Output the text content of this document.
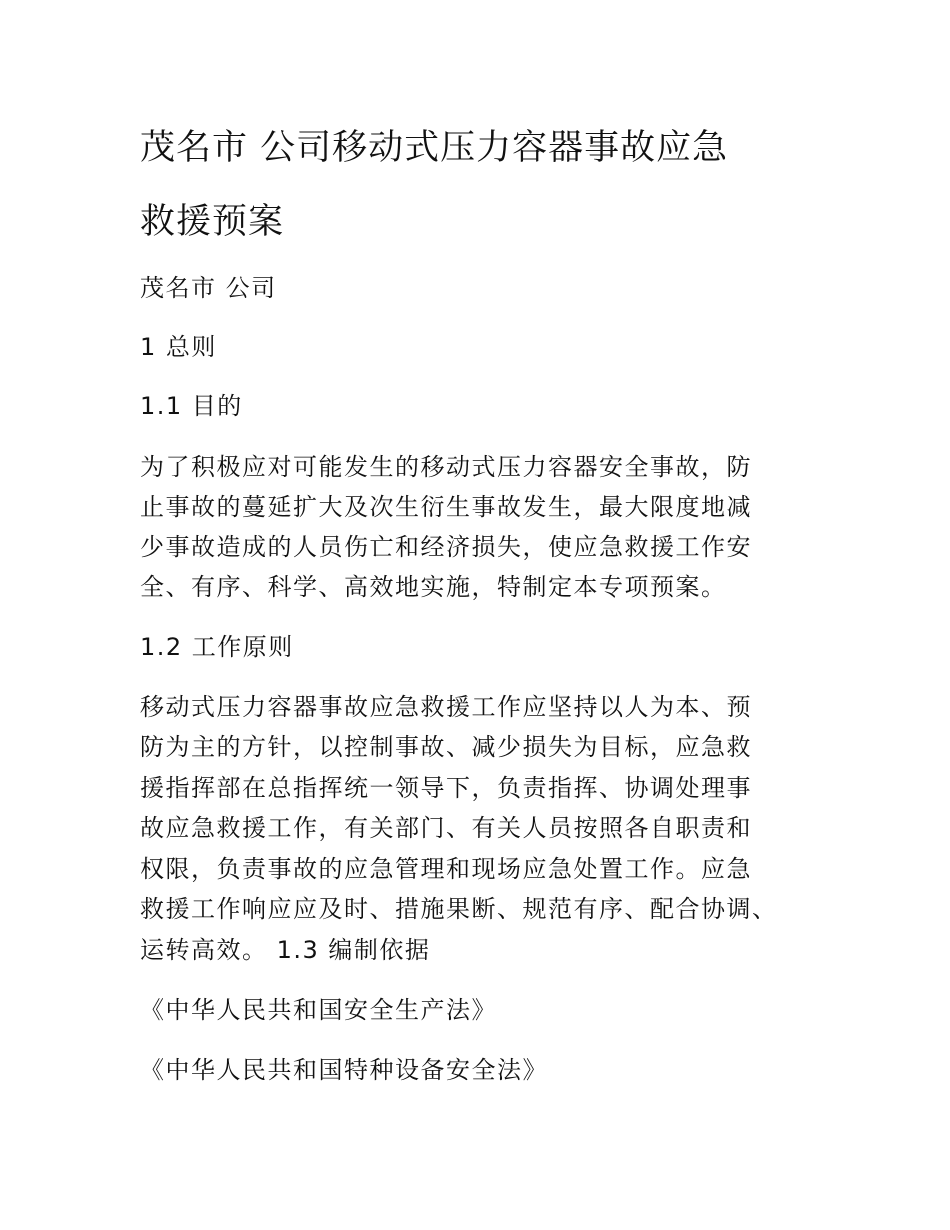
茂名市 公司移动式压力容器事故应急
救援预案

茂名市 公司

1 总则

1.1 目的

为了积极应对可能发生的移动式压力容器安全事故，防

止事故的蔓延扩大及次生衍生事故发生，最大限度地减

少事故造成的人员伤亡和经济损失，使应急救援工作安

全、有序、科学、高效地实施，特制定本专项预案。

1.2 工作原则

移动式压力容器事故应急救援工作应坚持以人为本、预

防为主的方针，以控制事故、减少损失为目标，应急救

援指挥部在总指挥统一领导下，负责指挥、协调处理事

故应急救援工作，有关部门、有关人员按照各自职责和

权限，负责事故的应急管理和现场应急处置工作。应急

救援工作响应应及时、措施果断、规范有序、配合协调、

运转高效。 1.3 编制依据

《中华人民共和国安全生产法》

《中华人民共和国特种设备安全法》
